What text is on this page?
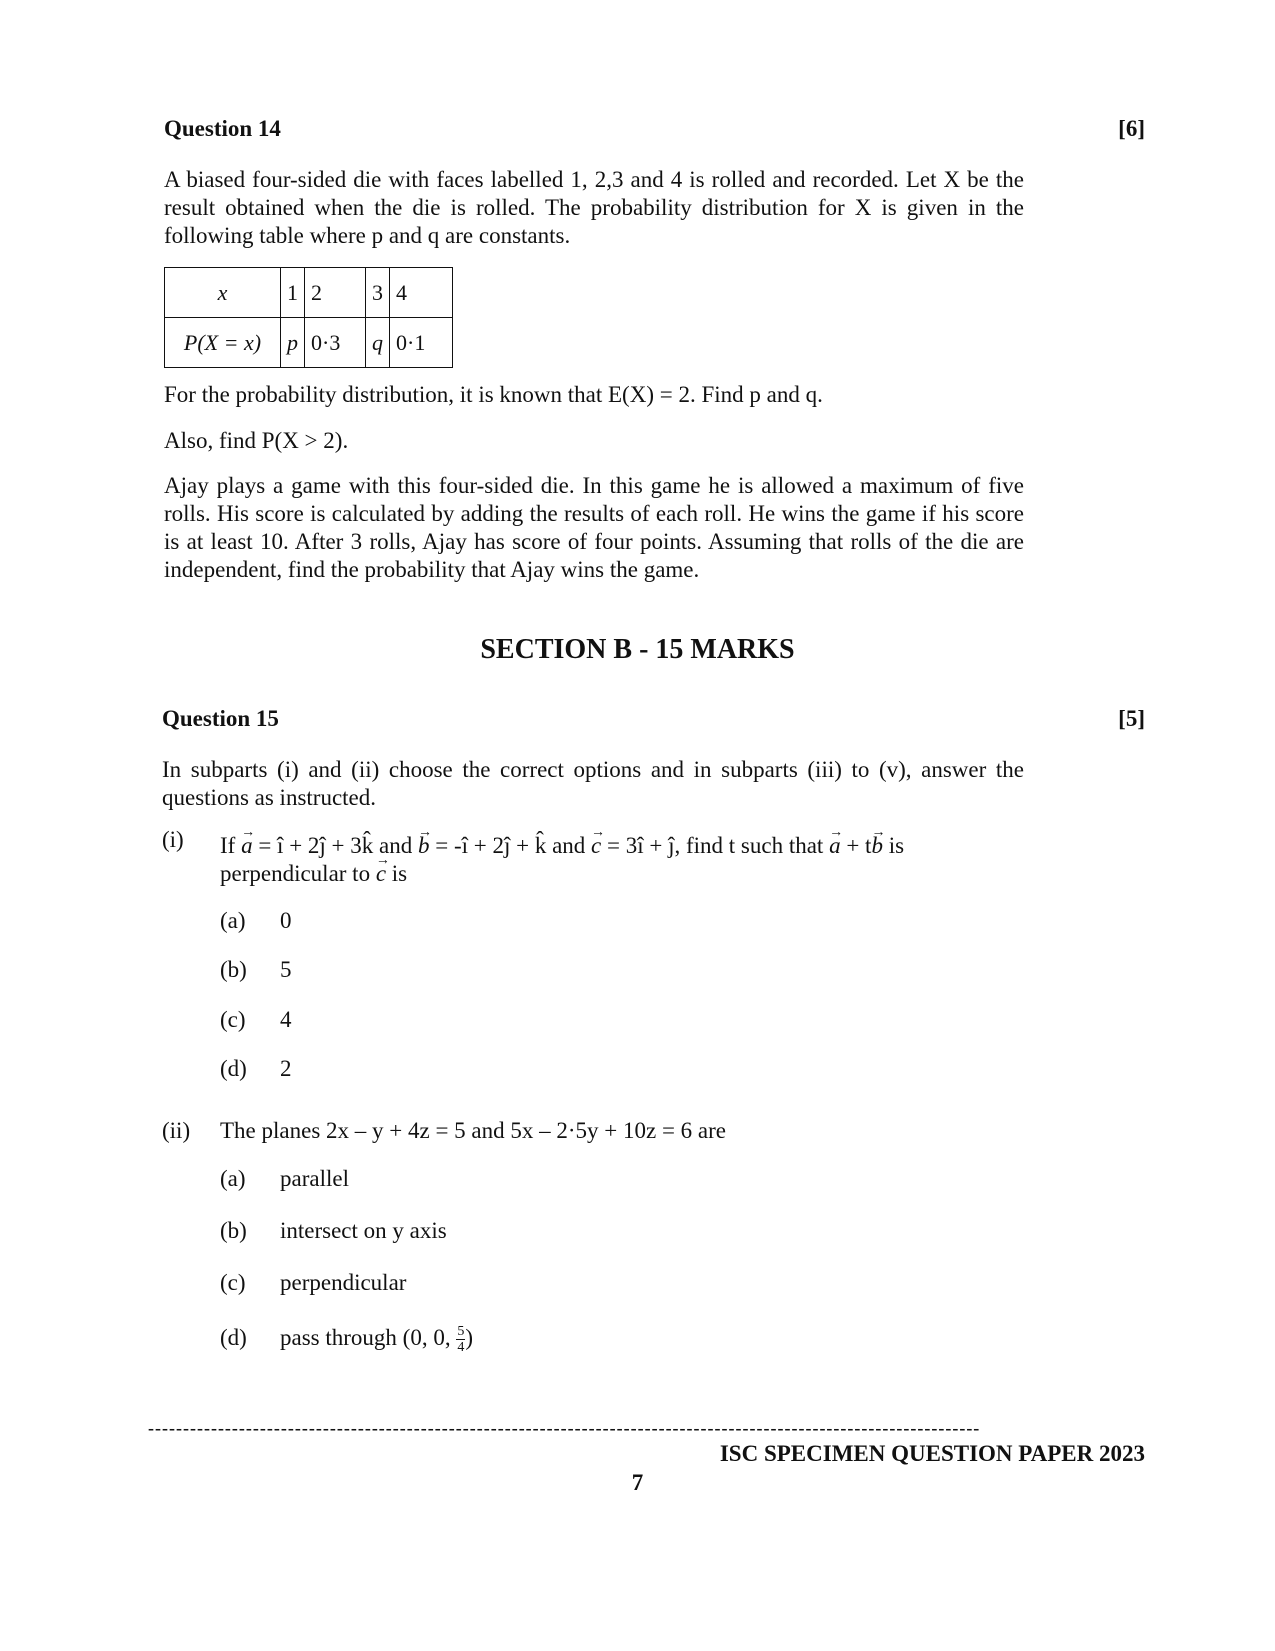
Question 14	[6]
A biased four-sided die with faces labelled 1, 2,3 and 4 is rolled and recorded. Let X be the result obtained when the die is rolled. The probability distribution for X is given in the following table where p and q are constants.
x	1	2	3	4
P(X = x)	p	0·3	q	0·1
For the probability distribution, it is known that E(X) = 2. Find p and q.
Also, find P(X > 2).
Ajay plays a game with this four-sided die. In this game he is allowed a maximum of five rolls. His score is calculated by adding the results of each roll. He wins the game if his score is at least 10. After 3 rolls, Ajay has score of four points. Assuming that rolls of the die are independent, find the probability that Ajay wins the game.
SECTION B - 15 MARKS
Question 15	[5]
In subparts (i) and (ii) choose the correct options and in subparts (iii) to (v), answer the questions as instructed.
(i) If → a = î + 2ĵ + 3k̂ and → b = -î + 2ĵ + k̂ and → c = 3î + ĵ, find t such that → a + t→ b is
perpendicular to → c is
(a) 0
(b) 5
(c) 4
(d) 2
(ii) The planes 2x – y + 4z = 5 and 5x – 2·5y + 10z = 6 are
(a) parallel
(b) intersect on y axis
(c) perpendicular
(d) pass through (0, 0, $\frac{5}{4}$ )
-----------------------------------------------------------------------------------------------------------------------
ISC SPECIMEN QUESTION PAPER 2023
7
